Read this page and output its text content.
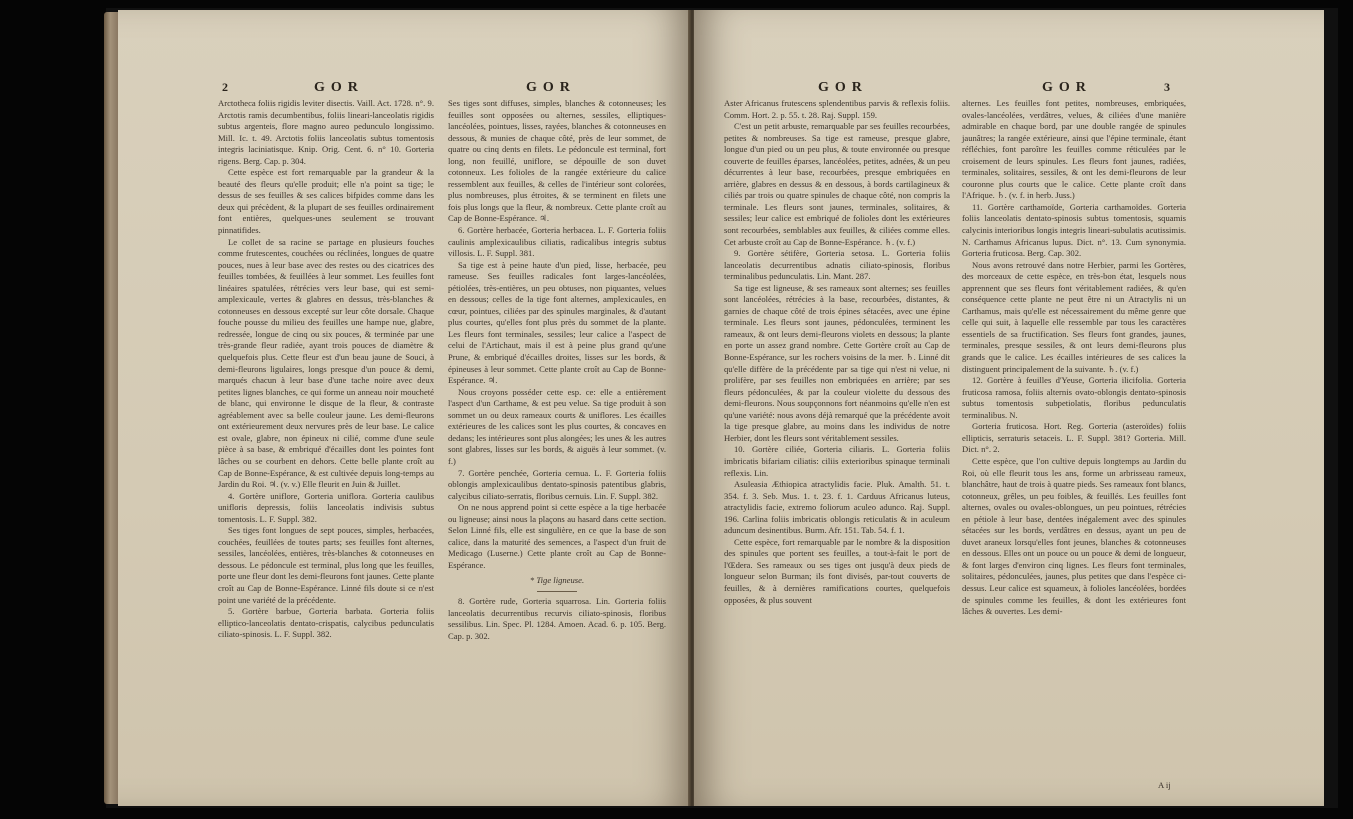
2	GOR	GOR

Arctotheca foliis rigidis leviter disectis. Vaill. Act. 1728. n°. 9. Arctotis ramis decumbentibus, foliis lineari-lanceolatis rigidis subtus argenteis, flore magno aureo pedunculo longissimo. Mill. Ic. t. 49. Arctotis foliis lanceolatis subtus tomentosis integris laciniatisque. Knip. Orig. Cent. 6. n° 10. Gorteria rigens. Berg. Cap. p. 304.

Cette espèce est fort remarquable par la grandeur & la beauté des fleurs qu'elle produit; elle n'a point sa tige; le dessus de ses feuilles & ses calices bifpides comme dans les deux qui précèdent, & la plupart de ses feuilles ordinairement font entières, quelques-unes seulement se trouvant pinnatifides.

Le collet de sa racine se partage en plusieurs fouches comme frutescentes, couchées ou réclinées, longues de quatre pouces, nues à leur base avec des restes ou des cicatrices des feuilles tombées, & feuillées à leur sommet. Les feuilles font linéaires spatulées, rétrécies vers leur base, qui est semi-amplexicaule, vertes & glabres en dessus, très-blanches & cotonneuses en dessous excepté sur leur côte dorsale. Chaque fouche pousse du milieu des feuilles une hampe nue, glabre, redressée, longue de cinq ou six pouces, & terminée par une très-grande fleur radiée, ayant trois pouces de diamètre & quelquefois plus. Cette fleur est d'un beau jaune de Souci, à demi-fleurons ligulaires, longs presque d'un pouce & demi, marqués chacun à leur base d'une tache noire avec deux petites lignes blanches, ce qui forme un anneau noir moucheté de blanc, qui environne le disque de la fleur, & contraste agréablement avec sa belle couleur jaune. Les demi-fleurons ont extérieurement deux nervures près de leur base. Le calice est ovale, glabre, non épineux ni cilié, comme d'une seule pièce à sa base, & embriqué d'écailles dont les pointes font lâches ou se courbent en dehors. Cette belle plante croît au Cap de Bonne-Espérance, & est cultivée depuis long-temps au Jardin du Roi. ♃. (v. v.) Elle fleurit en Juin & Juillet.

4. Gortère uniflore, Gorteria uniflora. Gorteria caulibus unifloris depressis, foliis lanceolatis indivisis subtus tomentosis. L. F. Suppl. 382.

Ses tiges font longues de sept pouces, simples, herbacées, couchées, feuillées de toutes parts; ses feuilles font alternes, sessiles, lancéolées, entières, très-blanches & cotonneuses en dessous. Le pédoncule est terminal, plus long que les feuilles, porte une fleur dont les demi-fleurons font jaunes. Cette plante croît au Cap de Bonne-Espérance. Linné fils doute si ce n'est point une variété de la précédente.

5. Gortère barbue, Gorteria barbata. Gorteria foliis elliptico-lanceolatis dentato-crispatis, calycibus pedunculatis ciliato-spinosis. L. F. Suppl. 382.

Ses tiges sont diffuses, simples, blanches & cotonneuses; les feuilles sont opposées ou alternes, sessiles, elliptiques-lancéolées, pointues, lisses, rayées, blanches & cotonneuses en dessous, & munies de chaque côté, près de leur sommet, de quatre ou cinq dents en filets. Le pédoncule est terminal, fort long, non feuillé, uniflore, se dépouille de son duvet cotonneux. Les folioles de la rangée extérieure du calice ressemblent aux feuilles, & celles de l'intérieur sont colorées, plus nombreuses, plus étroites, & se terminent en filets une fois plus longs que la fleur, & nombreux. Cette plante croît au Cap de Bonne-Espérance. ♃.

6. Gortère herbacée, Gorteria herbacea. L. F. Gorteria foliis caulinis amplexicaulibus ciliatis, radicalibus integris subtus villosis. L. F. Suppl. 381.

Sa tige est à peine haute d'un pied, lisse, herbacée, peu rameuse. Ses feuilles radicales font larges-lancéolées, pétiolées, très-entières, un peu obtuses, non piquantes, velues en dessous; celles de la tige font alternes, amplexicaules, en cœur, pointues, ciliées par des spinules marginales, & d'autant plus courtes, qu'elles font plus près du sommet de la plante. Les fleurs font terminales, sessiles; leur calice a l'aspect de celui de l'Artichaut, mais il est à peine plus grand qu'une Prune, & embriqué d'écailles droites, lisses sur les bords, & épineuses à leur sommet. Cette plante croît au Cap de Bonne-Espérance. ♃.

Nous croyons posséder cette esp. ce: elle a entièrement l'aspect d'un Carthame, & est peu velue. Sa tige produit à son sommet un ou deux rameaux courts & uniflores. Les écailles extérieures de les calices sont les plus courtes, & concaves en dedans; les intérieures sont plus alongées; les unes & les autres sont glabres, lisses sur les bords, & aiguës à leur sommet. (v. f.)

7. Gortère penchée, Gorteria cernua. L. F. Gorteria foliis oblongis amplexicaulibus dentato-spinosis patentibus glabris, calycibus ciliato-serratis, floribus cernuis. Lin. F. Suppl. 382.

On ne nous apprend point si cette espèce a la tige herbacée ou ligneuse; ainsi nous la plaçons au hasard dans cette section. Selon Linné fils, elle est singulière, en ce que la base de son calice, dans la maturité des semences, a l'aspect d'un fruit de Medicago (Luserne.) Cette plante croît au Cap de Bonne-Espérance.

* Tige ligneuse.

8. Gortère rude, Gorteria squarrosa. Lin. Gorteria foliis lanceolatis decurrentibus recurvis ciliato-spinosis, floribus sessilibus. Lin. Spec. Pl. 1284. Amoen. Acad. 6. p. 105. Berg. Cap. p. 302.

GOR	GOR	3

Aster Africanus frutescens splendentibus parvis & reflexis foliis. Comm. Hort. 2. p. 55. t. 28. Raj. Suppl. 159.

C'est un petit arbuste, remarquable par ses feuilles recourbées, petites & nombreuses. Sa tige est rameuse, presque glabre, longue d'un pied ou un peu plus, & toute environnée ou presque couverte de feuilles éparses, lancéolées, petites, adnées, & un peu décurrentes à leur base, recourbées, presque embriquées en arrière, glabres en dessus & en dessous, à bords cartilagineux & ciliés par trois ou quatre spinules de chaque côté, non compris la terminale. Les fleurs sont jaunes, terminales, solitaires, & sessiles; leur calice est embriqué de folioles dont les extérieures sont recourbées, semblables aux feuilles, & ciliées comme elles. Cet arbuste croît au Cap de Bonne-Espérance. ♄. (v. f.)

9. Gortère sétifère, Gorteria setosa. L. Gorteria foliis lanceolatis decurrentibus adnatis ciliato-spinosis, floribus terminalibus pedunculatis. Lin. Mant. 287.

Sa tige est ligneuse, & ses rameaux sont alternes; ses feuilles sont lancéolées, rétrécies à la base, recourbées, distantes, & garnies de chaque côté de trois épines sétacées, avec une épine terminale. Les fleurs sont jaunes, pédonculées, terminent les rameaux, & ont leurs demi-fleurons violets en dessous; la plante en porte un assez grand nombre. Cette Gortère croît au Cap de Bonne-Espérance, sur les rochers voisins de la mer. ♄. Linné dit qu'elle diffère de la précédente par sa tige qui n'est ni velue, ni prolifère, par ses feuilles non embriquées en arrière; par ses fleurs pédonculées, & par la couleur violette du dessous des demi-fleurons. Nous soupçonnons fort néanmoins qu'elle n'en est qu'une variété: nous avons déjà remarqué que la précédente avoit la tige presque glabre, au moins dans les individus de notre Herbier, dont les fleurs sont véritablement sessiles.

10. Gortère ciliée, Gorteria ciliaris. L. Gorteria foliis imbricatis bifariam ciliatis: ciliis exterioribus spinaque terminali reflexis. Lin.

Asuleasia Æthiopica atractylidis facie. Pluk. Amalth. 51. t. 354. f. 3. Seb. Mus. 1. t. 23. f. 1. Carduus Africanus luteus, atractylidis facie, extremo foliorum aculeo adunco. Raj. Suppl. 196. Carlina foliis imbricatis oblongis reticulatis & in aculeum aduncum desinentibus. Burm. Afr. 151. Tab. 54. f. 1.

Cette espèce, fort remarquable par le nombre & la disposition des spinules que portent ses feuilles, a tout-à-fait le port de l'Œdera. Ses rameaux ou ses tiges ont jusqu'à deux pieds de longueur selon Burman; ils font divisés, par-tout couverts de feuilles, & à dernières ramifications courtes, quelquefois opposées, & plus souvent

alternes. Les feuilles font petites, nombreuses, embriquées, ovales-lancéolées, verdâtres, velues, & ciliées d'une manière admirable en chaque bord, par une double rangée de spinules jaunâtres; la rangée extérieure, ainsi que l'épine terminale, étant réfléchies, font paroître les feuilles comme réticulées par le croisement de leurs spinules. Les fleurs font jaunes, radiées, terminales, solitaires, sessiles, & ont les demi-fleurons de leur couronne plus courts que le calice. Cette plante croît dans l'Afrique. ♄. (v. f. in herb. Juss.)

11. Gortère carthamoïde, Gorteria carthamoïdes. Gorteria foliis lanceolatis dentato-spinosis subtus tomentosis, squamis calycinis interioribus longis integris lineari-subulatis acutissimis. N. Carthamus Africanus lupus. Dict. n°. 13. Cum synonymia. Gorteria fruticosa. Berg. Cap. 302.

Nous avons retrouvé dans notre Herbier, parmi les Gortères, des morceaux de cette espèce, en très-bon état, lesquels nous apprennent que ses fleurs font véritablement radiées, & qu'en conséquence cette plante ne peut être ni un Atractylis ni un Carthamus, mais qu'elle est nécessairement du même genre que celle qui suit, à laquelle elle ressemble par tous les caractères essentiels de sa fructification. Ses fleurs font grandes, jaunes, terminales, presque sessiles, & ont leurs demi-fleurons plus grands que le calice. Les écailles intérieures de ses calices la distinguent principalement de la suivante. ♄. (v. f.)

12. Gortère à feuilles d'Yeuse, Gorteria ilicifolia. Gorteria fruticosa ramosa, foliis alternis ovato-oblongis dentato-spinosis subtus tomentosis subpetiolatis, floribus pedunculatis terminalibus. N.

Gorteria fruticosa. Hort. Reg. Gorteria (asteroïdes) foliis ellipticis, serraturis setaceis. L. F. Suppl. 381? Gorteria. Mill. Dict. n°. 2.

Cette espèce, que l'on cultive depuis longtemps au Jardin du Roi, où elle fleurit tous les ans, forme un arbrisseau rameux, blanchâtre, haut de trois à quatre pieds. Ses rameaux font blancs, cotonneux, grêles, un peu foibles, & feuillés. Les feuilles font alternes, ovales ou ovales-oblongues, un peu pointues, rétrécies en pétiole à leur base, dentées inégalement avec des spinules sétacées sur les bords, verdâtres en dessus, ayant un peu de duvet araneux lorsqu'elles font jeunes, blanches & cotonneuses en dessous. Elles ont un pouce ou un pouce & demi de longueur, & font larges d'environ cinq lignes. Les fleurs font terminales, solitaires, pédonculées, jaunes, plus petites que dans l'espèce ci-dessus. Leur calice est squameux, à folioles lancéolées, bordées de spinules comme les feuilles, & dont les extérieures font lâches & ouvertes. Les demi-

A ij
